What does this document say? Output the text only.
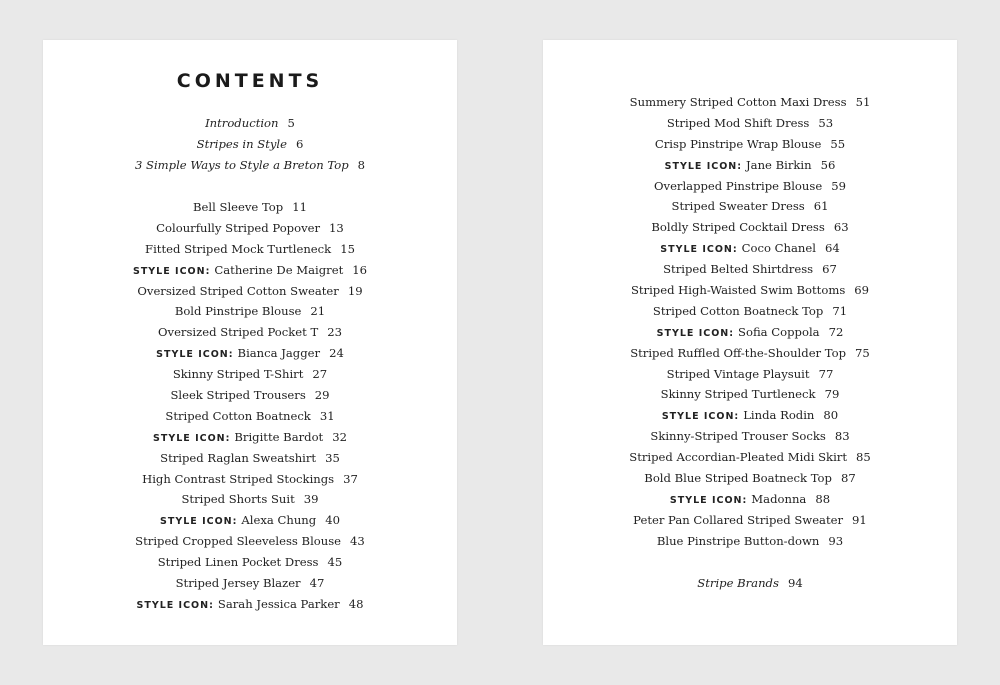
CONTENTS
Introduction 5
Stripes in Style 6
3 Simple Ways to Style a Breton Top 8
Bell Sleeve Top 11
Colourfully Striped Popover 13
Fitted Striped Mock Turtleneck 15
STYLE ICON: Catherine De Maigret 16
Oversized Striped Cotton Sweater 19
Bold Pinstripe Blouse 21
Oversized Striped Pocket T 23
STYLE ICON: Bianca Jagger 24
Skinny Striped T-Shirt 27
Sleek Striped Trousers 29
Striped Cotton Boatneck 31
STYLE ICON: Brigitte Bardot 32
Striped Raglan Sweatshirt 35
High Contrast Striped Stockings 37
Striped Shorts Suit 39
STYLE ICON: Alexa Chung 40
Striped Cropped Sleeveless Blouse 43
Striped Linen Pocket Dress 45
Striped Jersey Blazer 47
STYLE ICON: Sarah Jessica Parker 48
Summery Striped Cotton Maxi Dress 51
Striped Mod Shift Dress 53
Crisp Pinstripe Wrap Blouse 55
STYLE ICON: Jane Birkin 56
Overlapped Pinstripe Blouse 59
Striped Sweater Dress 61
Boldly Striped Cocktail Dress 63
STYLE ICON: Coco Chanel 64
Striped Belted Shirtdress 67
Striped High-Waisted Swim Bottoms 69
Striped Cotton Boatneck Top 71
STYLE ICON: Sofia Coppola 72
Striped Ruffled Off-the-Shoulder Top 75
Striped Vintage Playsuit 77
Skinny Striped Turtleneck 79
STYLE ICON: Linda Rodin 80
Skinny-Striped Trouser Socks 83
Striped Accordian-Pleated Midi Skirt 85
Bold Blue Striped Boatneck Top 87
STYLE ICON: Madonna 88
Peter Pan Collared Striped Sweater 91
Blue Pinstripe Button-down 93
Stripe Brands 94
